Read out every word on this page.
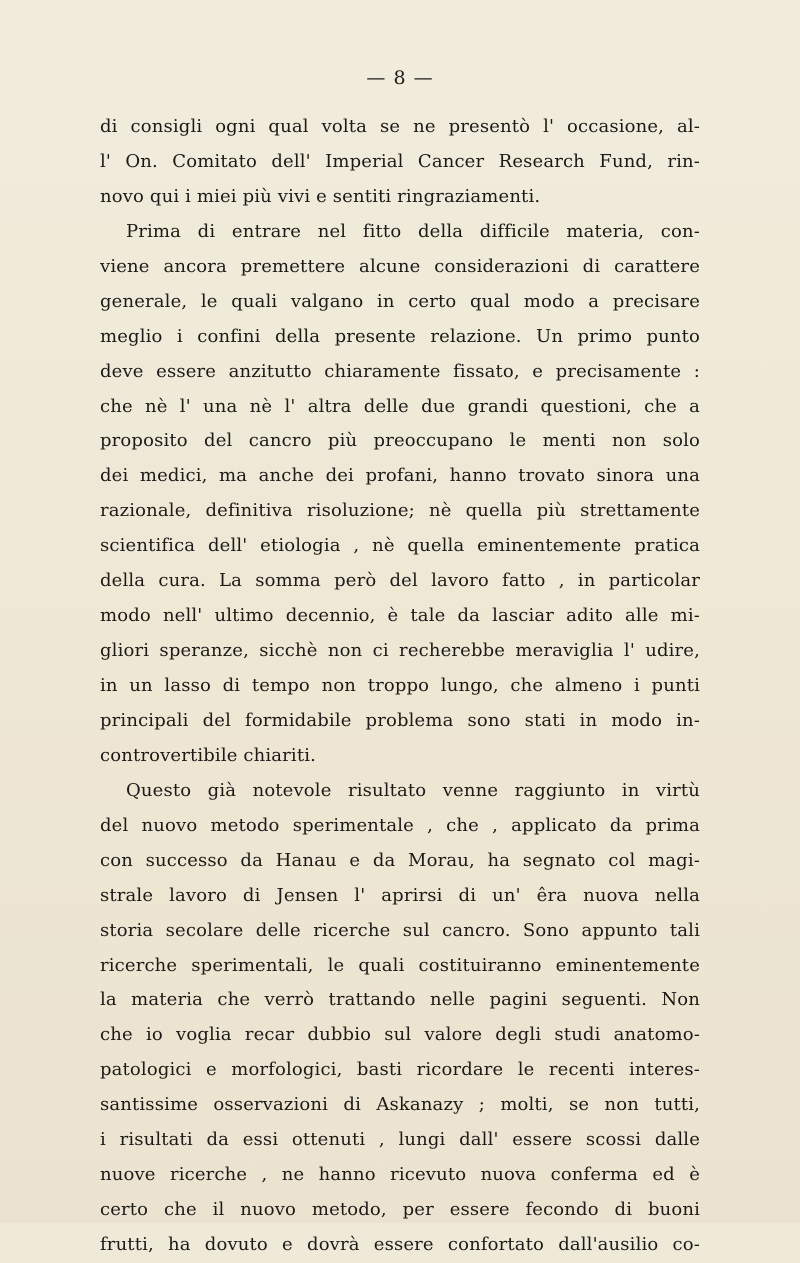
— 8 —
di consigli ogni qual volta se ne presentò l' occasione, al-
l' On. Comitato dell' Imperial Cancer Research Fund, rin-
novo qui i miei più vivi e sentiti ringraziamenti.
Prima di entrare nel fitto della difficile materia, con-
viene ancora premettere alcune considerazioni di carattere
generale, le quali valgano in certo qual modo a precisare
meglio i confini della presente relazione. Un primo punto
deve essere anzitutto chiaramente fissato, e precisamente :
che nè l' una nè l' altra delle due grandi questioni, che a
proposito del cancro più preoccupano le menti non solo
dei medici, ma anche dei profani, hanno trovato sinora una
razionale, definitiva risoluzione; nè quella più strettamente
scientifica dell' etiologia , nè quella eminentemente pratica
della cura. La somma però del lavoro fatto , in particolar
modo nell' ultimo decennio, è tale da lasciar adito alle mi-
gliori speranze, sicchè non ci recherebbe meraviglia l' udire,
in un lasso di tempo non troppo lungo, che almeno i punti
principali del formidabile problema sono stati in modo in-
controvertibile chiariti.
Questo già notevole risultato venne raggiunto in virtù
del nuovo metodo sperimentale , che , applicato da prima
con successo da Hanau e da Morau, ha segnato col magi-
strale lavoro di Jensen l' aprirsi di un' êra nuova nella
storia secolare delle ricerche sul cancro. Sono appunto tali
ricerche sperimentali, le quali costituiranno eminentemente
la materia che verrò trattando nelle pagini seguenti. Non
che io voglia recar dubbio sul valore degli studi anatomo-
patologici e morfologici, basti ricordare le recenti interes-
santissime osservazioni di Askanazy ; molti, se non tutti,
i risultati da essi ottenuti , lungi dall' essere scossi dalle
nuove ricerche , ne hanno ricevuto nuova conferma ed è
certo che il nuovo metodo, per essere fecondo di buoni
frutti, ha dovuto e dovrà essere confortato dall'ausilio co-
